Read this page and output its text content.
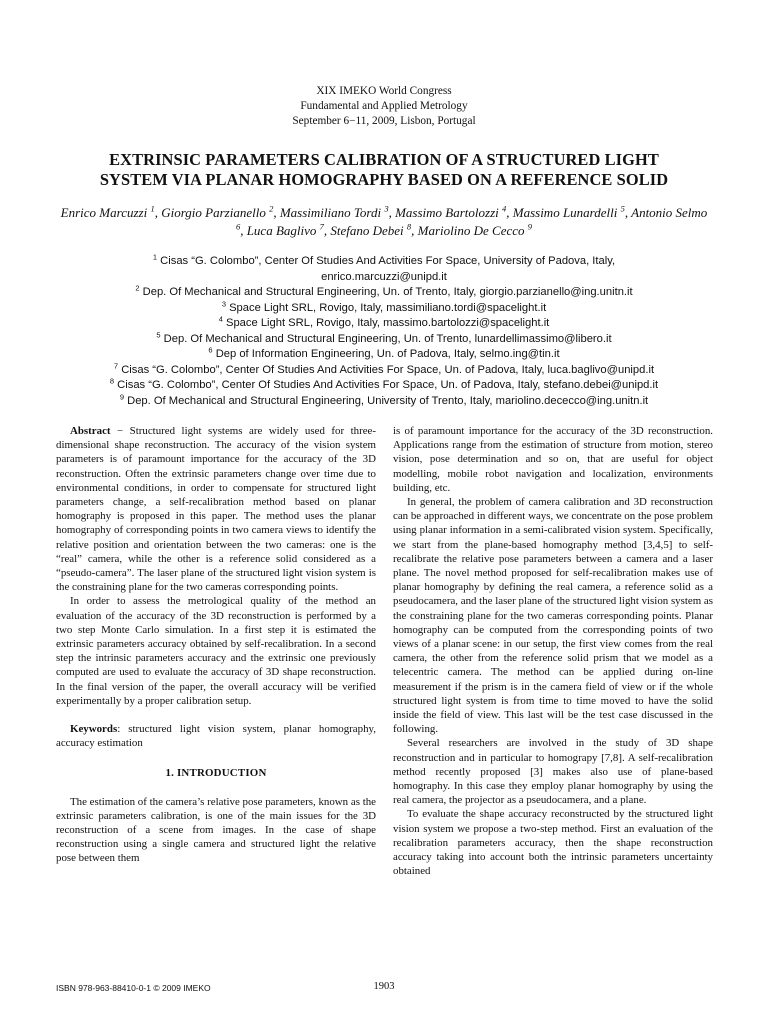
XIX IMEKO World Congress
Fundamental and Applied Metrology
September 6−11, 2009, Lisbon, Portugal
EXTRINSIC PARAMETERS CALIBRATION OF A STRUCTURED LIGHT
SYSTEM VIA PLANAR HOMOGRAPHY BASED ON A REFERENCE SOLID
Enrico Marcuzzi $^1$, Giorgio Parzianello $^2$, Massimiliano Tordi $^3$, Massimo Bartolozzi $^4$, Massimo Lunardelli $^5$, Antonio Selmo $^6$, Luca Baglivo $^7$, Stefano Debei $^8$, Mariolino De Cecco $^9$
$^1$ Cisas “G. Colombo”, Center Of Studies And Activities For Space, University of Padova, Italy,
enrico.marcuzzi@unipd.it
$^2$ Dep. Of Mechanical and Structural Engineering, Un. of Trento, Italy, giorgio.parzianello@ing.unitn.it
$^3$ Space Light SRL, Rovigo, Italy, massimiliano.tordi@spacelight.it
$^4$ Space Light SRL, Rovigo, Italy, massimo.bartolozzi@spacelight.it
$^5$ Dep. Of Mechanical and Structural Engineering, Un. of Trento, lunardellimassimo@libero.it
$^6$ Dep of Information Engineering, Un. of Padova, Italy, selmo.ing@tin.it
$^7$ Cisas “G. Colombo”, Center Of Studies And Activities For Space, Un. of Padova, Italy, luca.baglivo@unipd.it
$^8$ Cisas “G. Colombo”, Center Of Studies And Activities For Space, Un. of Padova, Italy, stefano.debei@unipd.it
$^9$ Dep. Of Mechanical and Structural Engineering, University of Trento, Italy, mariolino.dececco@ing.unitn.it

Abstract − Structured light systems are widely used for three-dimensional shape reconstruction. The accuracy of the vision system parameters is of paramount importance for the accuracy of the 3D reconstruction. Often the extrinsic parameters change over time due to environmental conditions, in order to compensate for structured light parameters change, a self-recalibration method based on planar homography is proposed in this paper. The method uses the planar homography of corresponding points in two camera views to identify the relative position and orientation between the two cameras: one is the “real” camera, while the other is a reference solid considered as a “pseudo-camera”. The laser plane of the structured light vision system is the constraining plane for the two cameras corresponding points.

In order to assess the metrological quality of the method an evaluation of the accuracy of the 3D reconstruction is performed by a two step Monte Carlo simulation. In a first step it is estimated the extrinsic parameters accuracy obtained by self-recalibration. In a second step the intrinsic parameters accuracy and the extrinsic one previously computed are used to evaluate the accuracy of 3D shape reconstruction. In the final version of the paper, the overall accuracy will be verified experimentally by a proper calibration setup.

Keywords: structured light vision system, planar homography, accuracy estimation

1. INTRODUCTION

The estimation of the camera’s relative pose parameters, known as the extrinsic parameters calibration, is one of the main issues for the 3D reconstruction of a scene from images. In the case of shape reconstruction using a single camera and structured light the relative pose between them

is of paramount importance for the accuracy of the 3D reconstruction. Applications range from the estimation of structure from motion, stereo vision, pose determination and so on, that are useful for object modelling, mobile robot navigation and localization, environments building, etc.

In general, the problem of camera calibration and 3D reconstruction can be approached in different ways, we concentrate on the pose problem using planar information in a semi-calibrated vision system. Specifically, we start from the plane-based homography method [3,4,5] to self-recalibrate the relative pose parameters between a camera and a laser plane. The novel method proposed for self-recalibration makes use of planar homography by defining the real camera, a reference solid as a pseudocamera, and the laser plane of the structured light vision system as the constraining plane for the two cameras corresponding points. Planar homography can be computed from the corresponding points of two views of a planar scene: in our setup, the first view comes from the real camera, the other from the reference solid prism that we model as a telecentric camera. The method can be applied during on-line measurement if the prism is in the camera field of view or if the whole structured light system is from time to time moved to have the solid inside the field of view. This last will be the test case discussed in the following.

Several researchers are involved in the study of 3D shape reconstruction and in particular to homograpy [7,8]. A self-recalibration method recently proposed [3] makes also use of plane-based homography. In this case they employ planar homography by using the real camera, the projector as a pseudocamera, and a plane.

To evaluate the shape accuracy reconstructed by the structured light vision system we propose a two-step method. First an evaluation of the recalibration parameters accuracy, then the shape reconstruction accuracy taking into account both the intrinsic parameters uncertainty obtained

ISBN 978-963-88410-0-1 © 2009 IMEKO	1903
